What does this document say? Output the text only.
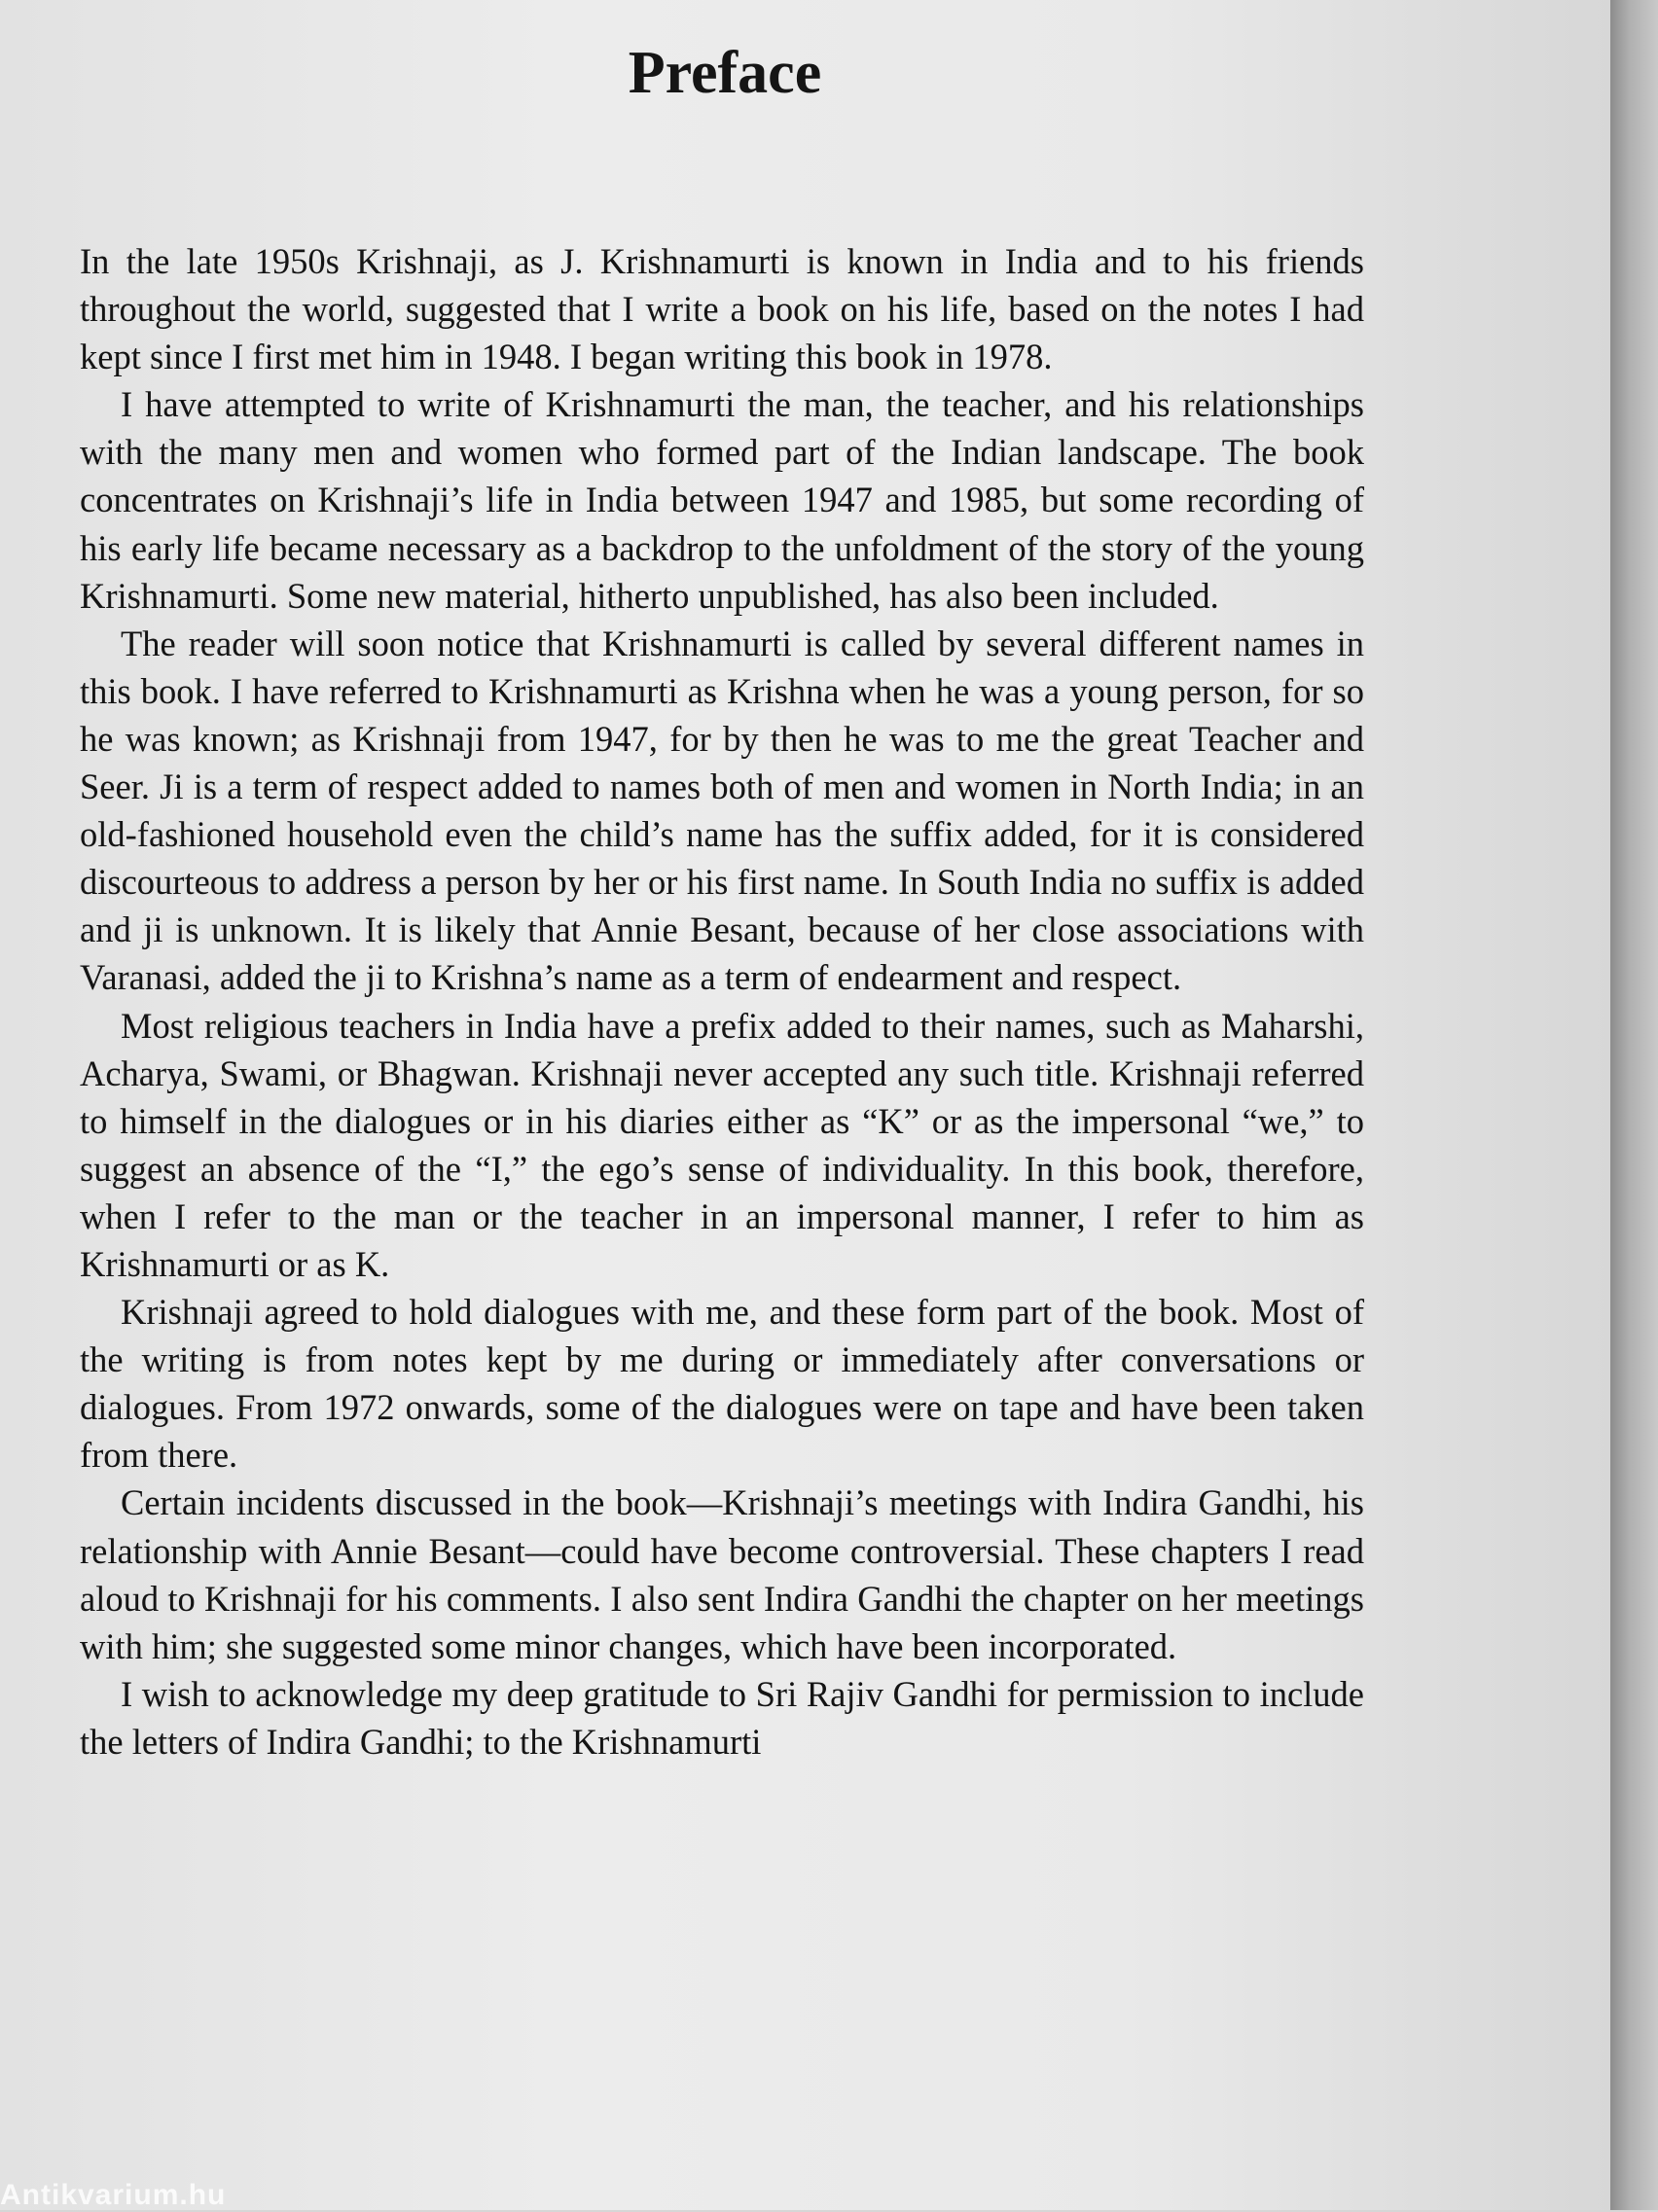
Preface

In the late 1950s Krishnaji, as J. Krishnamurti is known in India and to his friends throughout the world, suggested that I write a book on his life, based on the notes I had kept since I first met him in 1948. I began writing this book in 1978.

I have attempted to write of Krishnamurti the man, the teacher, and his relationships with the many men and women who formed part of the Indian landscape. The book concentrates on Krishnaji’s life in India between 1947 and 1985, but some recording of his early life became necessary as a backdrop to the unfoldment of the story of the young Krishnamurti. Some new material, hitherto unpublished, has also been included.

The reader will soon notice that Krishnamurti is called by several different names in this book. I have referred to Krishnamurti as Krishna when he was a young person, for so he was known; as Krishnaji from 1947, for by then he was to me the great Teacher and Seer. Ji is a term of respect added to names both of men and women in North India; in an old-fashioned household even the child’s name has the suffix added, for it is considered discourteous to address a person by her or his first name. In South India no suffix is added and ji is unknown. It is likely that Annie Besant, because of her close associations with Varanasi, added the ji to Krishna’s name as a term of endearment and respect.

Most religious teachers in India have a prefix added to their names, such as Maharshi, Acharya, Swami, or Bhagwan. Krishnaji never accepted any such title. Krishnaji referred to himself in the dialogues or in his diaries either as “K” or as the impersonal “we,” to suggest an absence of the “I,” the ego’s sense of individuality. In this book, therefore, when I refer to the man or the teacher in an impersonal manner, I refer to him as Krishnamurti or as K.

Krishnaji agreed to hold dialogues with me, and these form part of the book. Most of the writing is from notes kept by me during or immediately after conversations or dialogues. From 1972 onwards, some of the dialogues were on tape and have been taken from there.

Certain incidents discussed in the book—Krishnaji’s meetings with Indira Gandhi, his relationship with Annie Besant—could have become controversial. These chapters I read aloud to Krishnaji for his comments. I also sent Indira Gandhi the chapter on her meetings with him; she suggested some minor changes, which have been incorporated.

I wish to acknowledge my deep gratitude to Sri Rajiv Gandhi for permission to include the letters of Indira Gandhi; to the Krishnamurti

Antikvarium.hu
